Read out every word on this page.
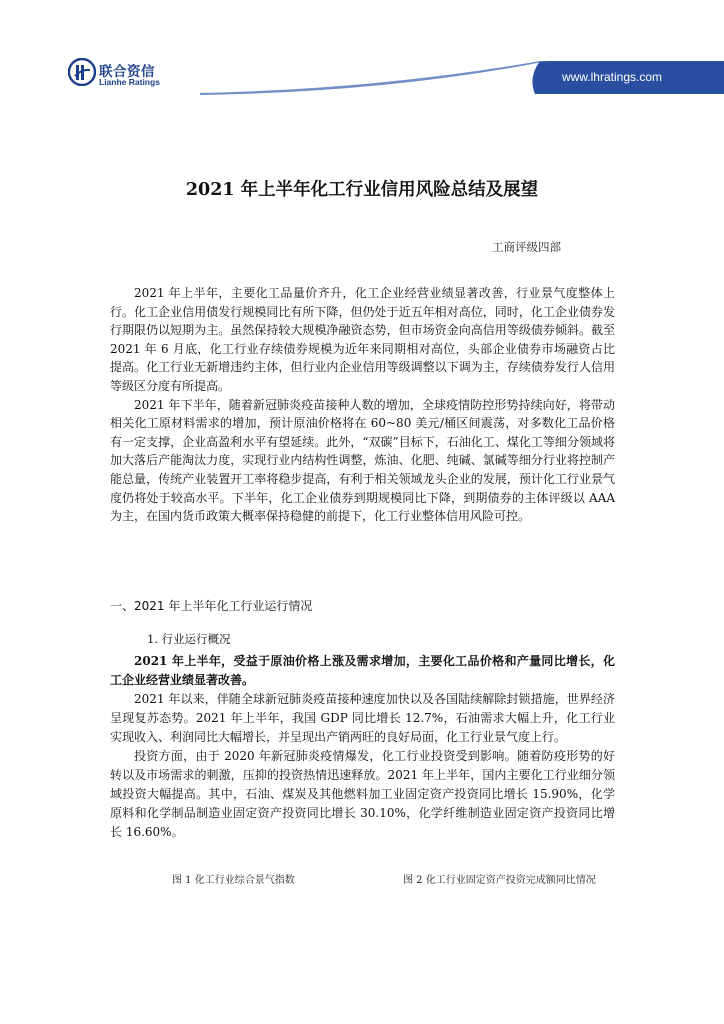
联合资信
Lianhe Ratings	www.lhratings.com
2021 年上半年化工行业信用风险总结及展望
工商评级四部

2021 年上半年，主要化工品量价齐升，化工企业经营业绩显著改善，行业景气度整体上行。化工企业信用债发行规模同比有所下降，但仍处于近五年相对高位，同时，化工企业债券发行期限仍以短期为主。虽然保持较大规模净融资态势，但市场资金向高信用等级债券倾斜。截至 2021 年 6 月底，化工行业存续债券规模为近年来同期相对高位，头部企业债券市场融资占比提高。化工行业无新增违约主体，但行业内企业信用等级调整以下调为主，存续债券发行人信用等级区分度有所提高。

2021 年下半年，随着新冠肺炎疫苗接种人数的增加，全球疫情防控形势持续向好，将带动相关化工原材料需求的增加，预计原油价格将在 60~80 美元/桶区间震荡，对多数化工品价格有一定支撑，企业高盈利水平有望延续。此外，“双碳”目标下，石油化工、煤化工等细分领域将加大落后产能淘汰力度，实现行业内结构性调整，炼油、化肥、纯碱、氯碱等细分行业将控制产能总量，传统产业装置开工率将稳步提高，有利于相关领域龙头企业的发展，预计化工行业景气度仍将处于较高水平。下半年，化工企业债券到期规模同比下降，到期债券的主体评级以 AAA 为主，在国内货币政策大概率保持稳健的前提下，化工行业整体信用风险可控。

一、2021 年上半年化工行业运行情况
1. 行业运行概况

2021 年上半年，受益于原油价格上涨及需求增加，主要化工品价格和产量同比增长，化工企业经营业绩显著改善。

2021 年以来，伴随全球新冠肺炎疫苗接种速度加快以及各国陆续解除封锁措施，世界经济呈现复苏态势。2021 年上半年，我国 GDP 同比增长 12.7%，石油需求大幅上升，化工行业实现收入、利润同比大幅增长，并呈现出产销两旺的良好局面，化工行业景气度上行。

投资方面，由于 2020 年新冠肺炎疫情爆发，化工行业投资受到影响。随着防疫形势的好转以及市场需求的刺激，压抑的投资热情迅速释放。2021 年上半年，国内主要化工行业细分领域投资大幅提高。其中，石油、煤炭及其他燃料加工业固定资产投资同比增长 15.90%，化学原料和化学制品制造业固定资产投资同比增长 30.10%，化学纤维制造业固定资产投资同比增长 16.60%。

图 1 化工行业综合景气指数	图 2 化工行业固定资产投资完成额同比情况
